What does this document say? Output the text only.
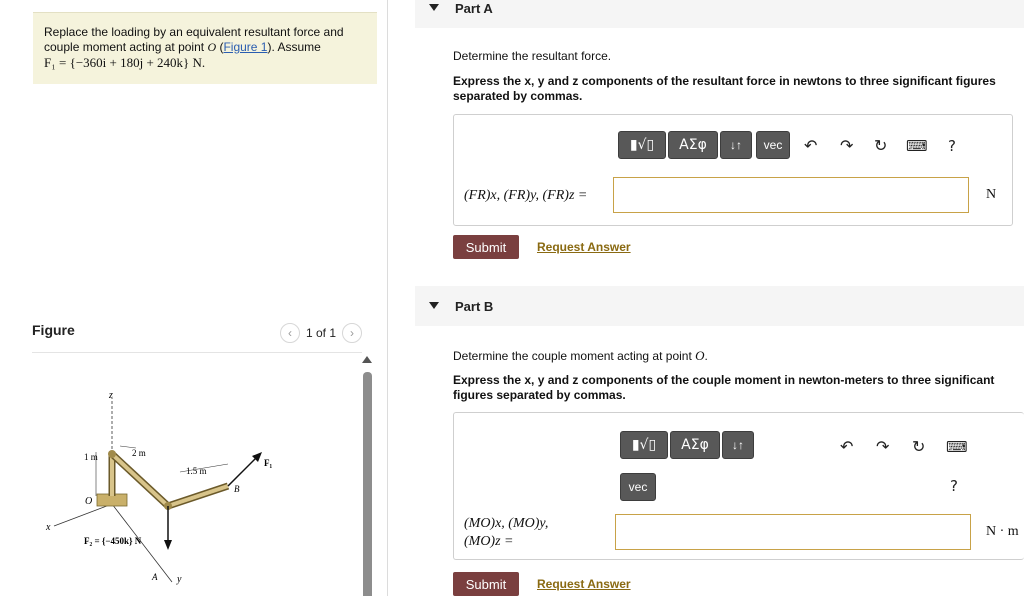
Replace the loading by an equivalent resultant force and
couple moment acting at point O (Figure 1). Assume
F₁ = {−360i + 180j + 240k} N.
Figure	‹	1 of 1	›
z
x
y
O
1 m	2 m
1.5 m
F₁
B
A
F₂ = {−450k} N
Part A
Determine the resultant force.
Express the x, y and z components of the resultant force in newtons to three significant figures separated by commas.
▮√▯	ΑΣφ	↓↑	vec	↶ ↷ ↻ ⌨ ?
(FR)x, (FR)y, (FR)z =	N
Submit	Request Answer
Part B
Determine the couple moment acting at point O.
Express the x, y and z components of the couple moment in newton-meters to three significant figures separated by commas.
▮√▯	ΑΣφ	↓↑
vec
↶ ↷ ↻ ⌨
?
(MO)x, (MO)y,
(MO)z =
N · m
Submit	Request Answer
